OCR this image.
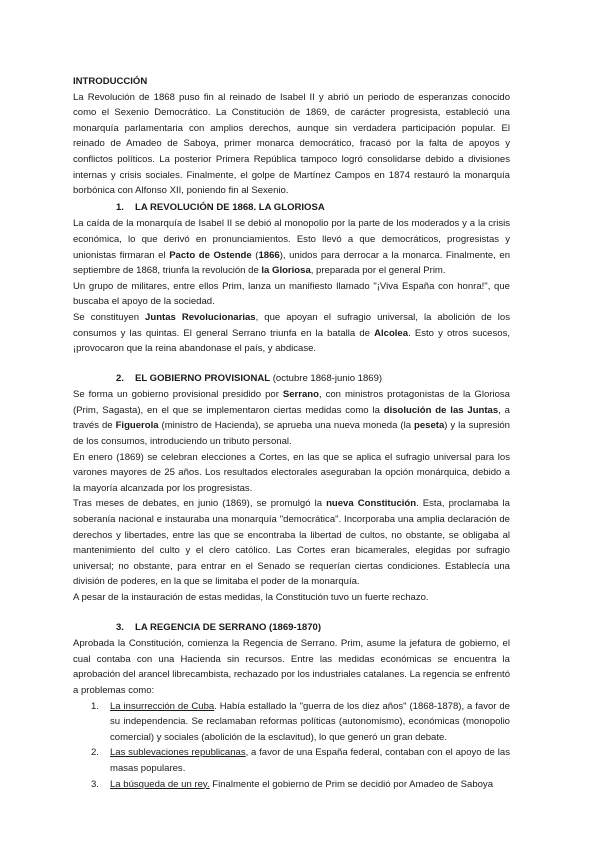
INTRODUCCIÓN

La Revolución de 1868 puso fin al reinado de Isabel II y abrió un periodo de esperanzas conocido como el Sexenio Democrático. La Constitución de 1869, de carácter progresista, estableció una monarquía parlamentaria con amplios derechos, aunque sin verdadera participación popular. El reinado de Amadeo de Saboya, primer monarca democrático, fracasó por la falta de apoyos y conflictos políticos. La posterior Primera República tampoco logró consolidarse debido a divisiones internas y crisis sociales. Finalmente, el golpe de Martínez Campos en 1874 restauró la monarquía borbónica con Alfonso XII, poniendo fin al Sexenio.

1. LA REVOLUCIÓN DE 1868. LA GLORIOSA

La caída de la monarquía de Isabel II se debió al monopolio por la parte de los moderados y a la crisis económica, lo que derivó en pronunciamientos. Esto llevó a que democráticos, progresistas y unionistas firmaran el Pacto de Ostende (1866), unidos para derrocar a la monarca. Finalmente, en septiembre de 1868, triunfa la revolución de la Gloriosa, preparada por el general Prim.

Un grupo de militares, entre ellos Prim, lanza un manifiesto llamado "¡Viva España con honra!", que buscaba el apoyo de la sociedad.

Se constituyen Juntas Revolucionarias, que apoyan el sufragio universal, la abolición de los consumos y las quintas. El general Serrano triunfa en la batalla de Alcolea. Esto y otros sucesos, ¡provocaron que la reina abandonase el país, y abdicase.

2. EL GOBIERNO PROVISIONAL (octubre 1868-junio 1869)

Se forma un gobierno provisional presidido por Serrano, con ministros protagonistas de la Gloriosa (Prim, Sagasta), en el que se implementaron ciertas medidas como la disolución de las Juntas, a través de Figuerola (ministro de Hacienda), se aprueba una nueva moneda (la peseta) y la supresión de los consumos, introduciendo un tributo personal.

En enero (1869) se celebran elecciones a Cortes, en las que se aplica el sufragio universal para los varones mayores de 25 años. Los resultados electorales aseguraban la opción monárquica, debido a la mayoría alcanzada por los progresistas.

Tras meses de debates, en junio (1869), se promulgó la nueva Constitución. Esta, proclamaba la soberanía nacional e instauraba una monarquía "democrática". Incorporaba una amplia declaración de derechos y libertades, entre las que se encontraba la libertad de cultos, no obstante, se obligaba al mantenimiento del culto y el clero católico. Las Cortes eran bicamerales, elegidas por sufragio universal; no obstante, para entrar en el Senado se requerían ciertas condiciones. Establecía una división de poderes, en la que se limitaba el poder de la monarquía.

A pesar de la instauración de estas medidas, la Constitución tuvo un fuerte rechazo.

3. LA REGENCIA DE SERRANO (1869-1870)

Aprobada la Constitución, comienza la Regencia de Serrano. Prim, asume la jefatura de gobierno, el cual contaba con una Hacienda sin recursos. Entre las medidas económicas se encuentra la aprobación del arancel librecambista, rechazado por los industriales catalanes. La regencia se enfrentó a problemas como:

1. La insurrección de Cuba. Había estallado la "guerra de los diez años" (1868-1878), a favor de su independencia. Se reclamaban reformas políticas (autonomismo), económicas (monopolio comercial) y sociales (abolición de la esclavitud), lo que generó un gran debate.
2. Las sublevaciones republicanas, a favor de una España federal, contaban con el apoyo de las masas populares.
3. La búsqueda de un rey. Finalmente el gobierno de Prim se decidió por Amadeo de Saboya
